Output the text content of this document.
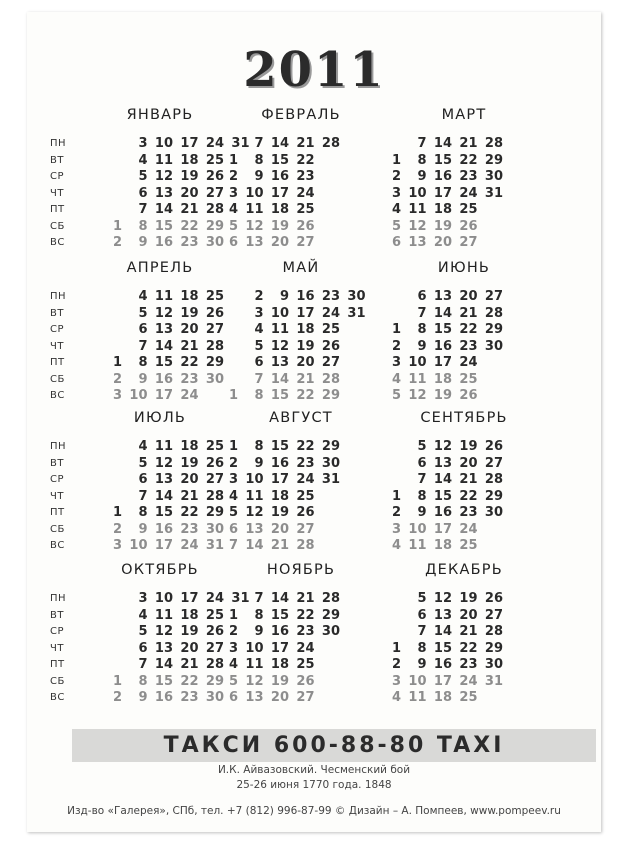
2011
ЯНВАРЬ
ПН
ВТ
СР
ЧТ
ПТ
СБ
ВС
1
2
3
4
5
6
7
8
9
10
11
12
13
14
15
16
17
18
19
20
21
22
23
24
25
26
27
28
29
30
31
ФЕВРАЛЬ
1
2
3
4
5
6
7
8
9
10
11
12
13
14
15
16
17
18
19
20
21
22
23
24
25
26
27
28
МАРТ
1
2
3
4
5
6
7
8
9
10
11
12
13
14
15
16
17
18
19
20
21
22
23
24
25
26
27
28
29
30
31
АПРЕЛЬ
ПН
ВТ
СР
ЧТ
ПТ
СБ
ВС
1
2
3
4
5
6
7
8
9
10
11
12
13
14
15
16
17
18
19
20
21
22
23
24
25
26
27
28
29
30
МАЙ
1
2
3
4
5
6
7
8
9
10
11
12
13
14
15
16
17
18
19
20
21
22
23
24
25
26
27
28
29
30
31
ИЮНЬ
1
2
3
4
5
6
7
8
9
10
11
12
13
14
15
16
17
18
19
20
21
22
23
24
25
26
27
28
29
30
ИЮЛЬ
ПН
ВТ
СР
ЧТ
ПТ
СБ
ВС
1
2
3
4
5
6
7
8
9
10
11
12
13
14
15
16
17
18
19
20
21
22
23
24
25
26
27
28
29
30
31
АВГУСТ
1
2
3
4
5
6
7
8
9
10
11
12
13
14
15
16
17
18
19
20
21
22
23
24
25
26
27
28
29
30
31
СЕНТЯБРЬ
1
2
3
4
5
6
7
8
9
10
11
12
13
14
15
16
17
18
19
20
21
22
23
24
25
26
27
28
29
30
ОКТЯБРЬ
ПН
ВТ
СР
ЧТ
ПТ
СБ
ВС
1
2
3
4
5
6
7
8
9
10
11
12
13
14
15
16
17
18
19
20
21
22
23
24
25
26
27
28
29
30
31
НОЯБРЬ
1
2
3
4
5
6
7
8
9
10
11
12
13
14
15
16
17
18
19
20
21
22
23
24
25
26
27
28
29
30
ДЕКАБРЬ
1
2
3
4
5
6
7
8
9
10
11
12
13
14
15
16
17
18
19
20
21
22
23
24
25
26
27
28
29
30
31
ТАКСИ 600-88-80 TAXI
И.К. Айвазовский. Чесменский бой
25-26 июня 1770 года. 1848
Изд-во «Галерея», СПб, тел. +7 (812) 996-87-99 © Дизайн – А. Помпеев, www.pompeev.ru
